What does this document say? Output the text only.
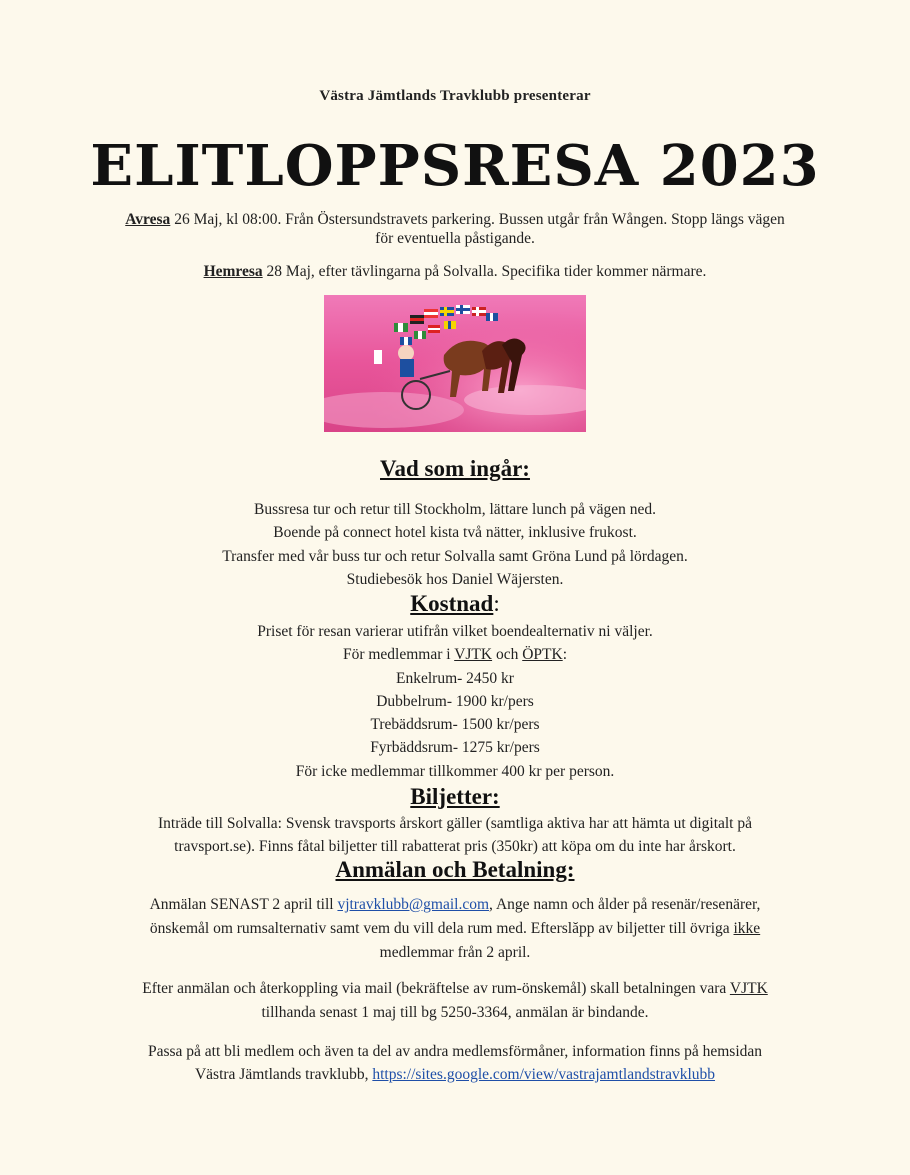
Västra Jämtlands Travklubb presenterar
ELITLOPPSRESA 2023
Avresa 26 Maj, kl 08:00. Från Östersundstravets parkering. Bussen utgår från Wången. Stopp längs vägen
för eventuella påstigande.
Hemresa 28 Maj, efter tävlingarna på Solvalla. Specifika tider kommer närmare.
Vad som ingår:
Bussresa tur och retur till Stockholm, lättare lunch på vägen ned.
Boende på connect hotel kista två nätter, inklusive frukost.
Transfer med vår buss tur och retur Solvalla samt Gröna Lund på lördagen.
Studiebesök hos Daniel Wäjersten.
Kostnad:
Priset för resan varierar utifrån vilket boendealternativ ni väljer.
För medlemmar i VJTK och ÖPTK:
Enkelrum- 2450 kr
Dubbelrum- 1900 kr/pers
Trebäddsrum- 1500 kr/pers
Fyrbäddsrum- 1275 kr/pers
För icke medlemmar tillkommer 400 kr per person.
Biljetter:
Inträde till Solvalla: Svensk travsports årskort gäller (samtliga aktiva har att hämta ut digitalt på
travsport.se). Finns fåtal biljetter till rabatterat pris (350kr) att köpa om du inte har årskort.
Anmälan och Betalning:
Anmälan SENAST 2 april till vjtravklubb@gmail.com, Ange namn och ålder på resenär/resenärer,
önskemål om rumsalternativ samt vem du vill dela rum med. Efterslăpp av biljetter till övriga ikke
medlemmar från 2 april.
Efter anmälan och återkoppling via mail (bekräftelse av rum-önskemål) skall betalningen vara VJTK
tillhanda senast 1 maj till bg 5250-3364, anmälan är bindande.
Passa på att bli medlem och även ta del av andra medlemsförmåner, information finns på hemsidan
Västra Jämtlands travklubb, https://sites.google.com/view/vastrajamtlandstravklubb
